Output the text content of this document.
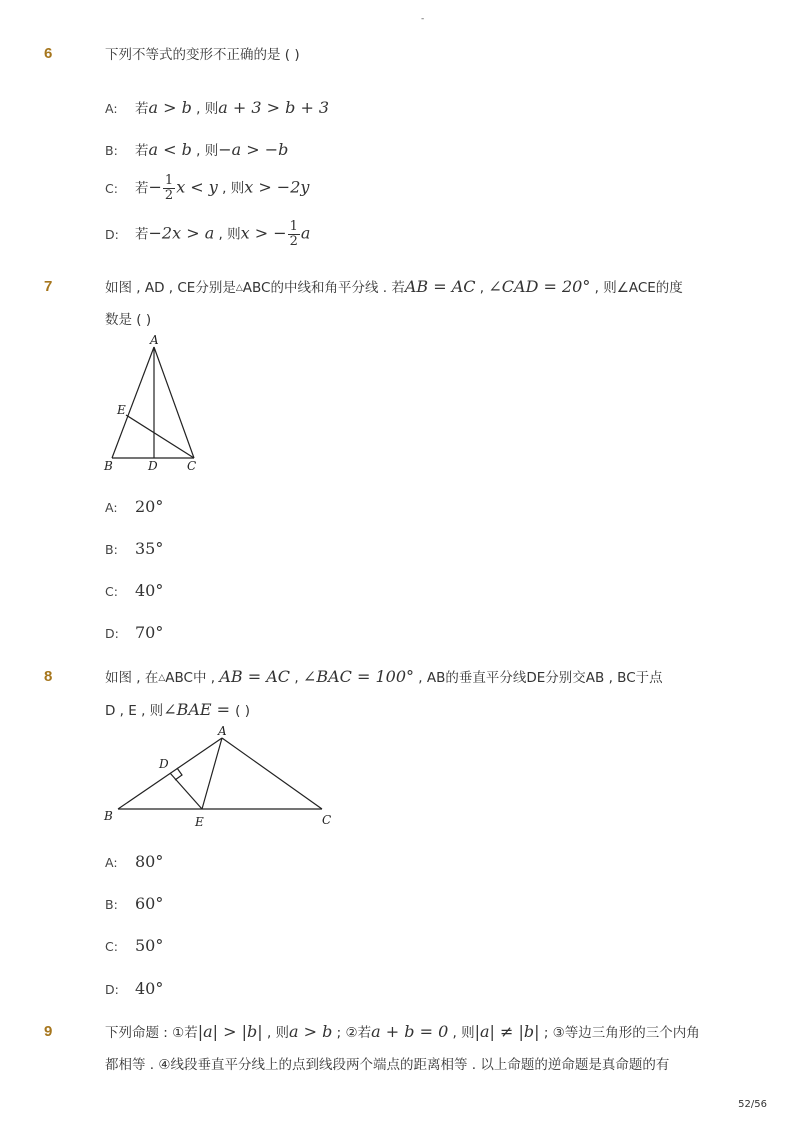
-
6	下列不等式的变形不正确的是 ( )
A: 若a > b , 则a + 3 > b + 3
B: 若a < b , 则−a > −b
C: 若− $\frac{1}{2}$ x < y , 则x > −2y
D: 若−2x > a , 则x > − $\frac{1}{2}$ a
7	如图 , AD , CE分别是△ABC的中线和角平分线 . 若AB = AC , ∠CAD = 20° , 则∠ACE的度
数是 ( )
A
E
B	D C
A: 20°
B: 35°
C: 40°
D: 70°
8	如图 , 在△ABC中 , AB = AC , ∠BAC = 100° , AB的垂直平分线DE分别交AB , BC于点
D , E , 则∠BAE = ( )
A
D
B	E	C
A: 80°
B: 60°
C: 50°
D: 40°
9	下列命题 : ①若|a| > |b| , 则a > b ; ②若a + b = 0 , 则|a| ≠ |b| ; ③等边三角形的三个内角
都相等 . ④线段垂直平分线上的点到线段两个端点的距离相等 . 以上命题的逆命题是真命题的有
52/56
